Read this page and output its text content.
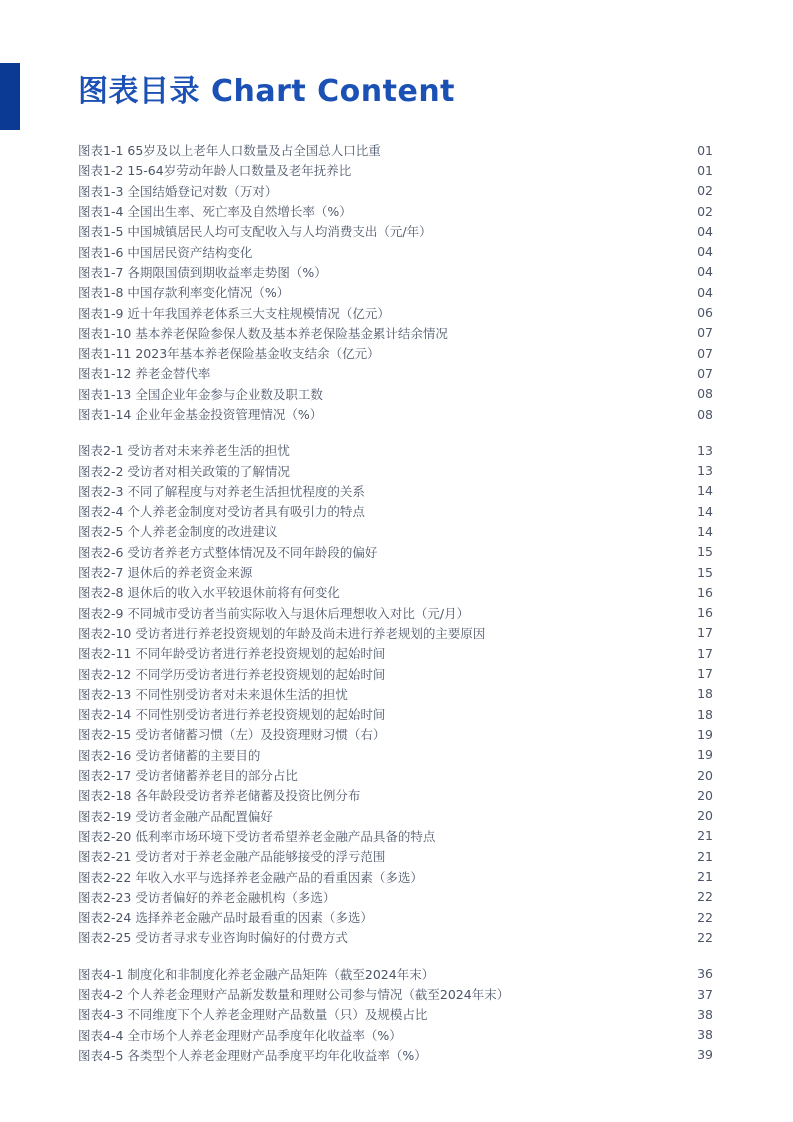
图表目录 Chart Content
图表1-1 65岁及以上老年人口数量及占全国总人口比重	01
图表1-2 15-64岁劳动年龄人口数量及老年抚养比	01
图表1-3 全国结婚登记对数（万对）	02
图表1-4 全国出生率、死亡率及自然增长率（%）	02
图表1-5 中国城镇居民人均可支配收入与人均消费支出（元/年）	04
图表1-6 中国居民资产结构变化	04
图表1-7 各期限国债到期收益率走势图（%）	04
图表1-8 中国存款利率变化情况（%）	04
图表1-9 近十年我国养老体系三大支柱规模情况（亿元）	06
图表1-10 基本养老保险参保人数及基本养老保险基金累计结余情况	07
图表1-11 2023年基本养老保险基金收支结余（亿元）	07
图表1-12 养老金替代率	07
图表1-13 全国企业年金参与企业数及职工数	08
图表1-14 企业年金基金投资管理情况（%）	08
图表2-1 受访者对未来养老生活的担忧	13
图表2-2 受访者对相关政策的了解情况	13
图表2-3 不同了解程度与对养老生活担忧程度的关系	14
图表2-4 个人养老金制度对受访者具有吸引力的特点	14
图表2-5 个人养老金制度的改进建议	14
图表2-6 受访者养老方式整体情况及不同年龄段的偏好	15
图表2-7 退休后的养老资金来源	15
图表2-8 退休后的收入水平较退休前将有何变化	16
图表2-9 不同城市受访者当前实际收入与退休后理想收入对比（元/月）	16
图表2-10 受访者进行养老投资规划的年龄及尚未进行养老规划的主要原因	17
图表2-11 不同年龄受访者进行养老投资规划的起始时间	17
图表2-12 不同学历受访者进行养老投资规划的起始时间	17
图表2-13 不同性别受访者对未来退休生活的担忧	18
图表2-14 不同性别受访者进行养老投资规划的起始时间	18
图表2-15 受访者储蓄习惯（左）及投资理财习惯（右）	19
图表2-16 受访者储蓄的主要目的	19
图表2-17 受访者储蓄养老目的部分占比	20
图表2-18 各年龄段受访者养老储蓄及投资比例分布	20
图表2-19 受访者金融产品配置偏好	20
图表2-20 低利率市场环境下受访者希望养老金融产品具备的特点	21
图表2-21 受访者对于养老金融产品能够接受的浮亏范围	21
图表2-22 年收入水平与选择养老金融产品的看重因素（多选）	21
图表2-23 受访者偏好的养老金融机构（多选）	22
图表2-24 选择养老金融产品时最看重的因素（多选）	22
图表2-25 受访者寻求专业咨询时偏好的付费方式	22
图表4-1 制度化和非制度化养老金融产品矩阵（截至2024年末）	36
图表4-2 个人养老金理财产品新发数量和理财公司参与情况（截至2024年末）	37
图表4-3 不同维度下个人养老金理财产品数量（只）及规模占比	38
图表4-4 全市场个人养老金理财产品季度年化收益率（%）	38
图表4-5 各类型个人养老金理财产品季度平均年化收益率（%）	39
